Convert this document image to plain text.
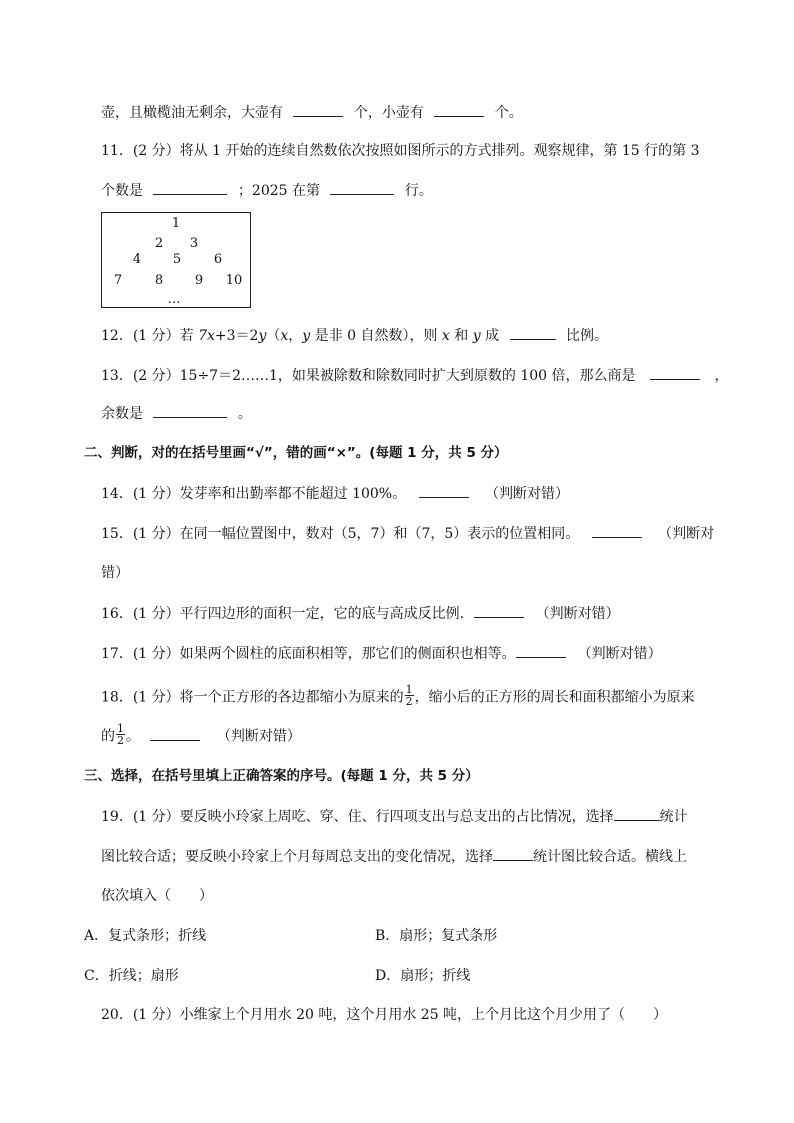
壶，且橄榄油无剩余，大壶有	个，小壶有	个。
11．(2 分）将从 1 开始的连续自然数依次按照如图所示的方式排列。观察规律，第 15 行的第 3
个数是	；2025 在第	行。
1
2 3
4 5	6
7	8 9 10
…
12．(1 分）若 7x+3＝2y（x，y 是非 0 自然数），则 x 和 y 成	比例。
13．(2 分）15÷7＝2……1，如果被除数和除数同时扩大到原数的 100 倍，那么商是	，
余数是	。
二、判断，对的在括号里画“√”，错的画“×”。(每题 1 分，共 5 分）
14．(1 分）发芽率和出勤率都不能超过 100%。	（判断对错）
15．(1 分）在同一幅位置图中，数对（5，7）和（7，5）表示的位置相同。	（判断对
错）
16．(1 分）平行四边形的面积一定，它的底与高成反比例．	（判断对错）
17．(1 分）如果两个圆柱的底面积相等，那它们的侧面积也相等。	（判断对错）
18．(1 分）将一个正方形的各边都缩小为原来的 $\frac{1}{2}$ ，缩小后的正方形的周长和面积都缩小为原来
的 $\frac{1}{2}$ 。	（判断对错）
三、选择，在括号里填上正确答案的序号。(每题 1 分，共 5 分）
19．(1 分）要反映小玲家上周吃、穿、住、行四项支出与总支出的占比情况，选择	统计
图比较合适；要反映小玲家上个月每周总支出的变化情况，选择	统计图比较合适。横线上
依次填入（　　）
A．复式条形；折线	B．扇形；复式条形
C．折线；扇形	D．扇形；折线
20．(1 分）小维家上个月用水 20 吨，这个月用水 25 吨，上个月比这个月少用了（　　）
